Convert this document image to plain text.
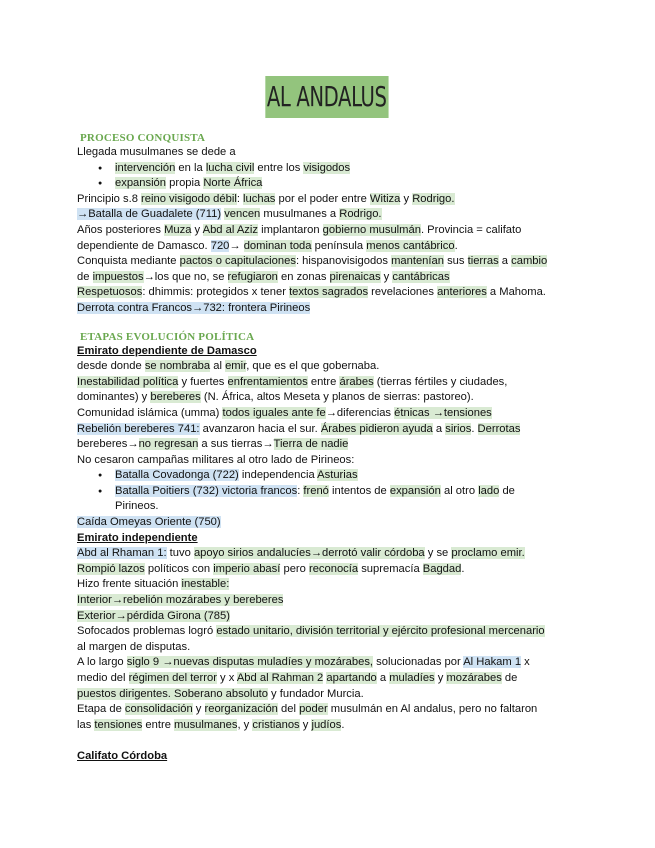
AL ANDALUS
PROCESO CONQUISTA
Llegada musulmanes se dede a
● intervención en la lucha civil entre los visigodos
● expansión propia Norte África
Principio s.8 reino visigodo débil: luchas por el poder entre Witiza y Rodrigo.
→Batalla de Guadalete (711) vencen musulmanes a Rodrigo.
Años posteriores Muza y Abd al Aziz implantaron gobierno musulmán. Provincia = califato
dependiente de Damasco. 720→ dominan toda península menos cantábrico.
Conquista mediante pactos o capitulaciones: hispanovisigodos mantenían sus tierras a cambio
de impuestos→los que no, se refugiaron en zonas pirenaicas y cantábricas
Respetuosos: dhimmis: protegidos x tener textos sagrados revelaciones anteriores a Mahoma.
Derrota contra Francos→732: frontera Pirineos
ETAPAS EVOLUCIÓN POLÍTICA
Emirato dependiente de Damasco
desde donde se nombraba al emir, que es el que gobernaba.
Inestabilidad política y fuertes enfrentamientos entre árabes (tierras fértiles y ciudades,
dominantes) y bereberes (N. África, altos Meseta y planos de sierras: pastoreo).
Comunidad islámica (umma) todos iguales ante fe→diferencias étnicas →tensiones
Rebelión bereberes 741: avanzaron hacia el sur. Árabes pidieron ayuda a sirios. Derrotas
bereberes→no regresan a sus tierras→Tierra de nadie
No cesaron campañas militares al otro lado de Pirineos:
● Batalla Covadonga (722) independencia Asturias
● Batalla Poitiers (732) victoria francos: frenó intentos de expansión al otro lado de
Pirineos.
Caída Omeyas Oriente (750)
Emirato independiente
Abd al Rhaman 1: tuvo apoyo sirios andalucíes→derrotó valir córdoba y se proclamo emir.
Rompió lazos políticos con imperio abasí pero reconocía supremacía Bagdad.
Hizo frente situación inestable:
Interior→rebelión mozárabes y bereberes
Exterior→pérdida Girona (785)
Sofocados problemas logró estado unitario, división territorial y ejército profesional mercenario
al margen de disputas.
A lo largo siglo 9 →nuevas disputas muladíes y mozárabes, solucionadas por Al Hakam 1 x
medio del régimen del terror y x Abd al Rahman 2 apartando a muladíes y mozárabes de
puestos dirigentes. Soberano absoluto y fundador Murcia.
Etapa de consolidación y reorganización del poder musulmán en Al andalus, pero no faltaron
las tensiones entre musulmanes, y cristianos y judíos.
Califato Córdoba
